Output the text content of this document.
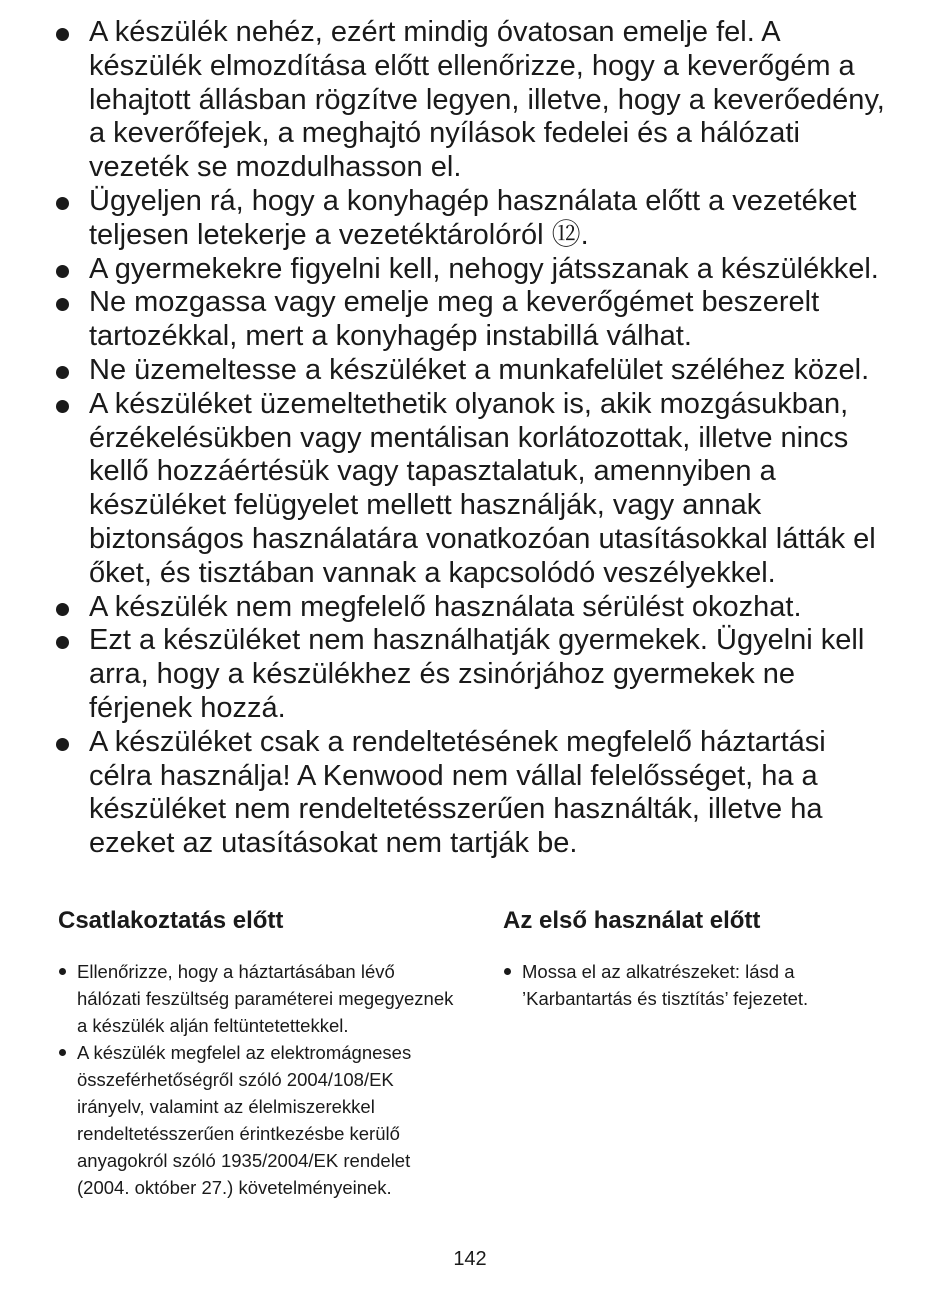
A készülék nehéz, ezért mindig óvatosan emelje fel. A készülék elmozdítása előtt ellenőrizze, hogy a keverőgém a lehajtott állásban rögzítve legyen, illetve, hogy a keverőedény, a keverőfejek, a meghajtó nyílások fedelei és a hálózati vezeték se mozdulhasson el.
Ügyeljen rá, hogy a konyhagép használata előtt a vezetéket teljesen letekerje a vezetéktárolóról ⑫.
A gyermekekre figyelni kell, nehogy játsszanak a készülékkel.
Ne mozgassa vagy emelje meg a keverőgémet beszerelt tartozékkal, mert a konyhagép instabillá válhat.
Ne üzemeltesse a készüléket a munkafelület széléhez közel.
A készüléket üzemeltethetik olyanok is, akik mozgásukban, érzékelésükben vagy mentálisan korlátozottak, illetve nincs kellő hozzáértésük vagy tapasztalatuk, amennyiben a készüléket felügyelet mellett használják, vagy annak biztonságos használatára vonatkozóan utasításokkal látták el őket, és tisztában vannak a kapcsolódó veszélyekkel.
A készülék nem megfelelő használata sérülést okozhat.
Ezt a készüléket nem használhatják gyermekek. Ügyelni kell arra, hogy a készülékhez és zsinórjához gyermekek ne férjenek hozzá.
A készüléket csak a rendeltetésének megfelelő háztartási célra használja! A Kenwood nem vállal felelősséget, ha a készüléket nem rendeltetésszerűen használták, illetve ha ezeket az utasításokat nem tartják be.
Csatlakoztatás előtt
Ellenőrizze, hogy a háztartásában lévő hálózati feszültség paraméterei megegyeznek a készülék alján feltüntetettekkel.
A készülék megfelel az elektromágneses összeférhetőségről szóló 2004/108/EK irányelv, valamint az élelmiszerekkel rendeltetésszerűen érintkezésbe kerülő anyagokról szóló 1935/2004/EK rendelet (2004. október 27.) követelményeinek.
Az első használat előtt
Mossa el az alkatrészeket: lásd a ’Karbantartás és tisztítás’ fejezetet.
142
